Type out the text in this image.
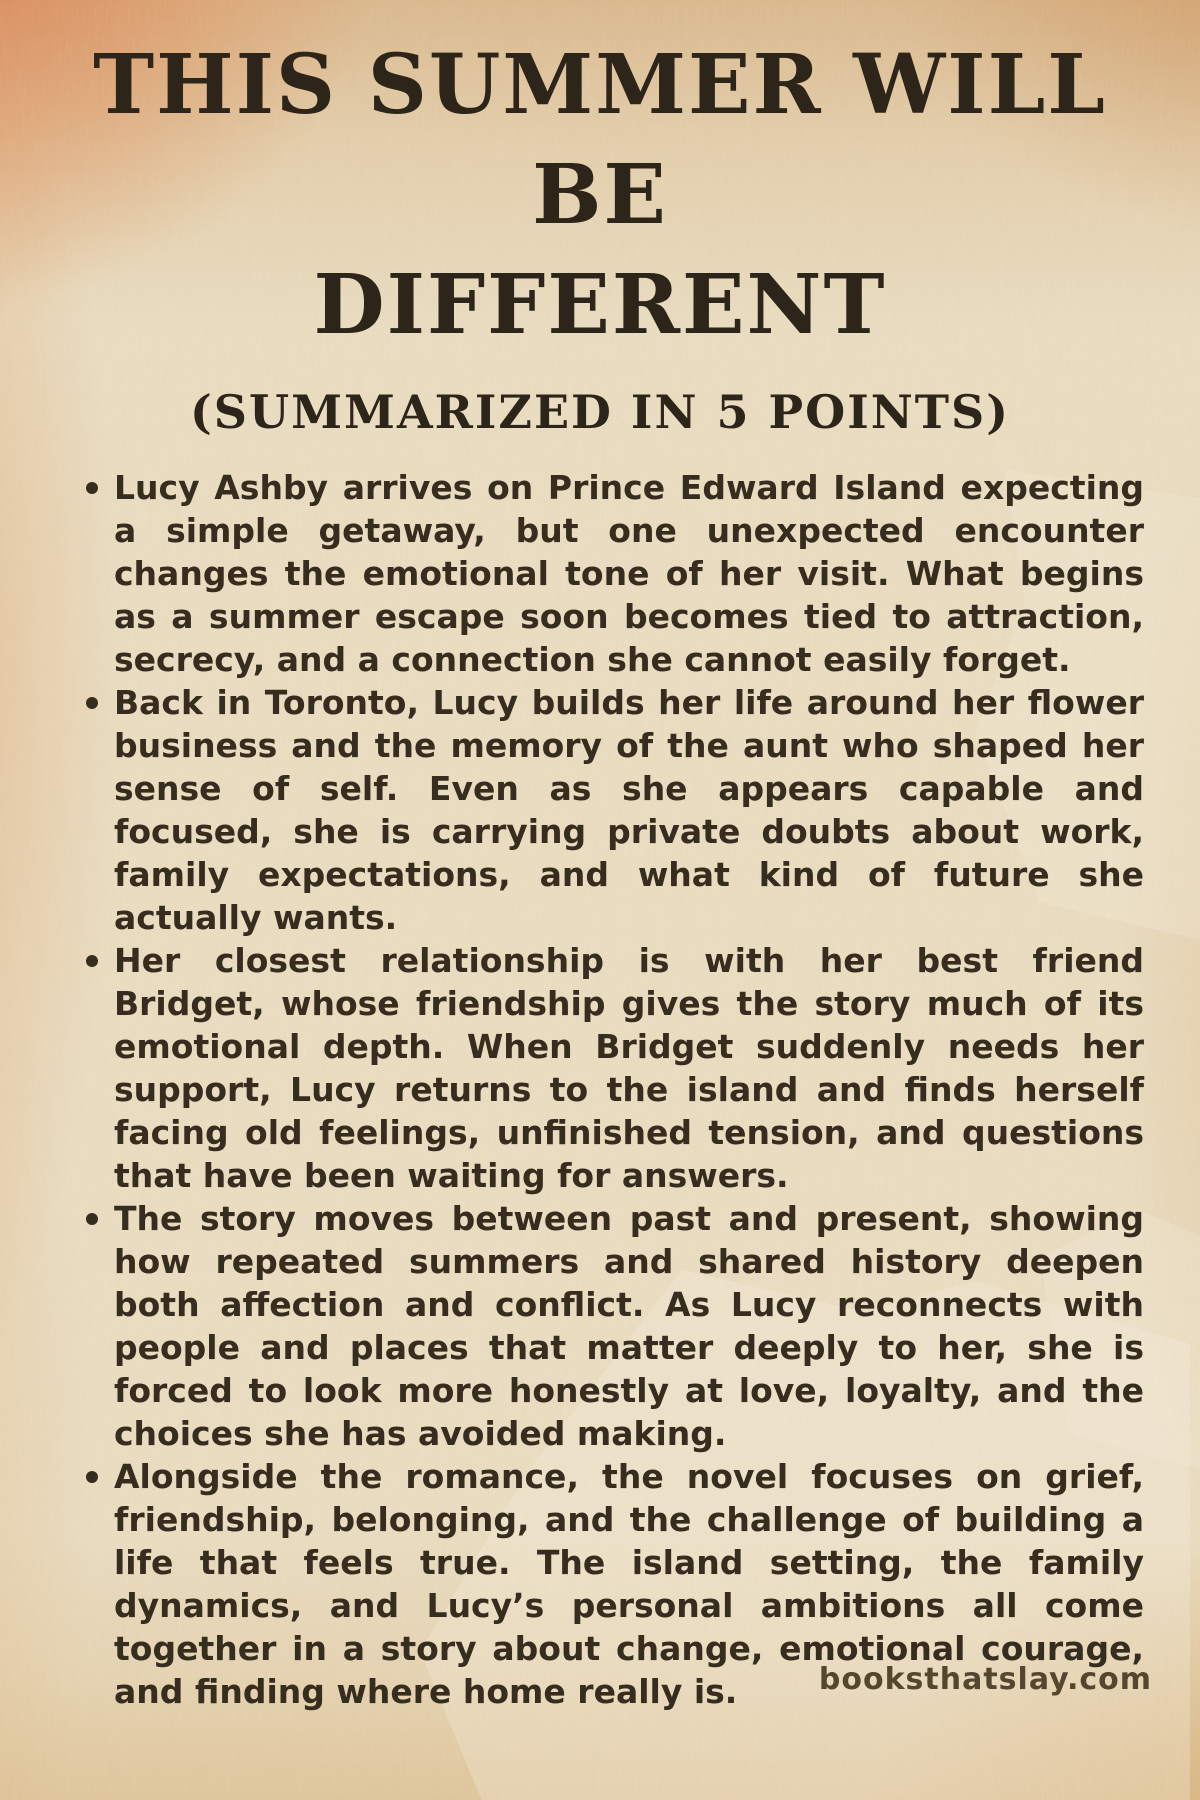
THIS SUMMER WILL BE
DIFFERENT
(SUMMARIZED IN 5 POINTS)
Lucy Ashby arrives on Prince Edward Island expecting a simple getaway, but one unexpected encounter changes the emotional tone of her visit. What begins as a summer escape soon becomes tied to attraction, secrecy, and a connection she cannot easily forget.
Back in Toronto, Lucy builds her life around her flower business and the memory of the aunt who shaped her sense of self. Even as she appears capable and focused, she is carrying private doubts about work, family expectations, and what kind of future she actually wants.
Her closest relationship is with her best friend Bridget, whose friendship gives the story much of its emotional depth. When Bridget suddenly needs her support, Lucy returns to the island and finds herself facing old feelings, unfinished tension, and questions that have been waiting for answers.
The story moves between past and present, showing how repeated summers and shared history deepen both affection and conflict. As Lucy reconnects with people and places that matter deeply to her, she is forced to look more honestly at love, loyalty, and the choices she has avoided making.
Alongside the romance, the novel focuses on grief, friendship, belonging, and the challenge of building a life that feels true. The island setting, the family dynamics, and Lucy’s personal ambitions all come together in a story about change, emotional courage, and finding where home really is.	booksthatslay.com
